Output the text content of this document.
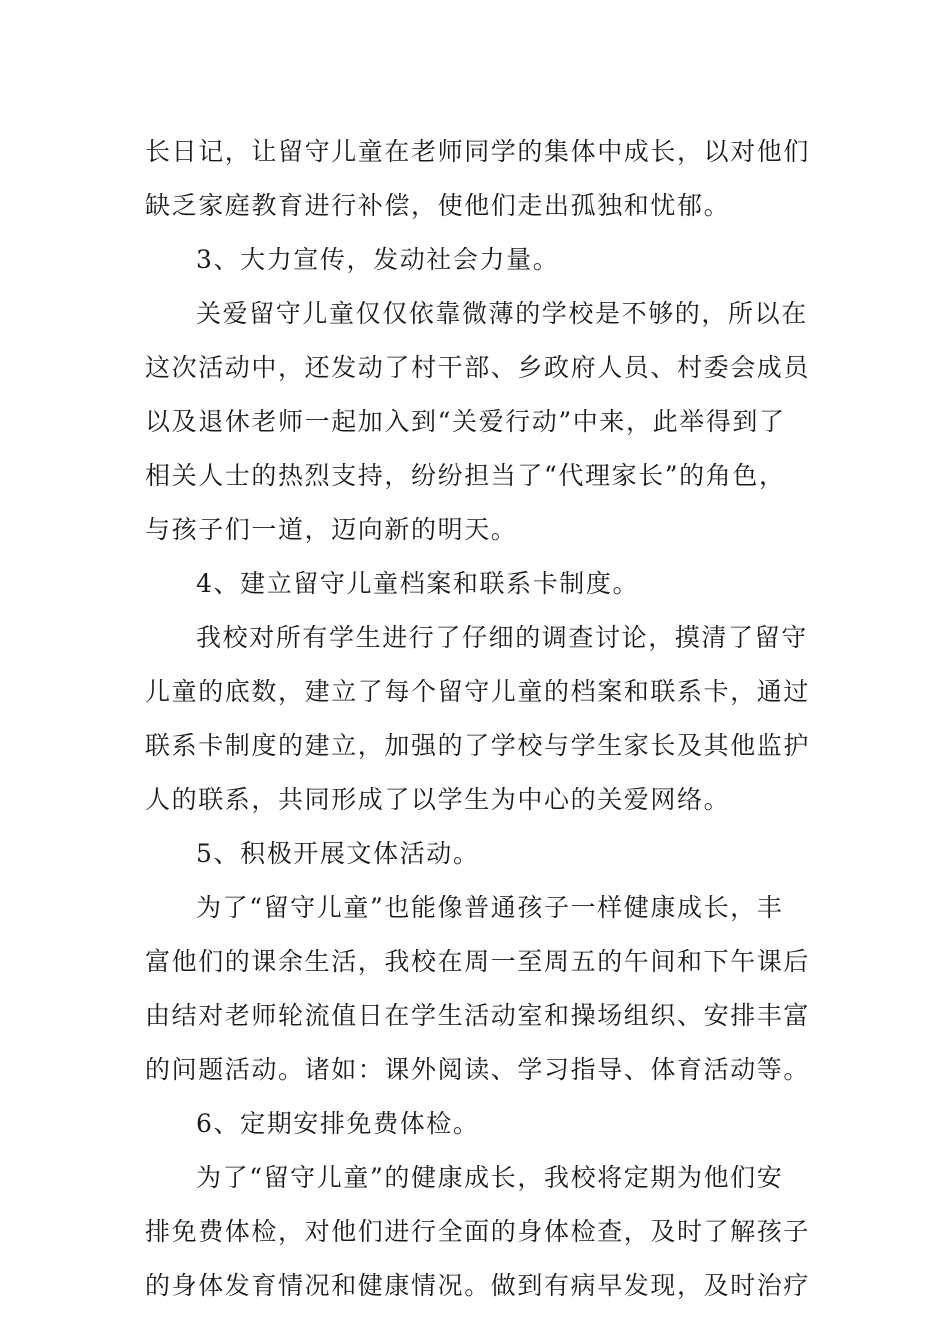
长日记，让留守儿童在老师同学的集体中成长，以对他们
缺乏家庭教育进行补偿，使他们走出孤独和忧郁。
3、大力宣传，发动社会力量。
关爱留守儿童仅仅依靠微薄的学校是不够的，所以在
这次活动中，还发动了村干部、乡政府人员、村委会成员
以及退休老师一起加入到“关爱行动”中来，此举得到了
相关人士的热烈支持，纷纷担当了“代理家长”的角色，
与孩子们一道，迈向新的明天。
4、建立留守儿童档案和联系卡制度。
我校对所有学生进行了仔细的调查讨论，摸清了留守
儿童的底数，建立了每个留守儿童的档案和联系卡，通过
联系卡制度的建立，加强的了学校与学生家长及其他监护
人的联系，共同形成了以学生为中心的关爱网络。
5、积极开展文体活动。
为了“留守儿童”也能像普通孩子一样健康成长，丰
富他们的课余生活，我校在周一至周五的午间和下午课后
由结对老师轮流值日在学生活动室和操场组织、安排丰富
的问题活动。诸如：课外阅读、学习指导、体育活动等。
6、定期安排免费体检。
为了“留守儿童”的健康成长，我校将定期为他们安
排免费体检，对他们进行全面的身体检查，及时了解孩子
的身体发育情况和健康情况。做到有病早发现，及时治疗
